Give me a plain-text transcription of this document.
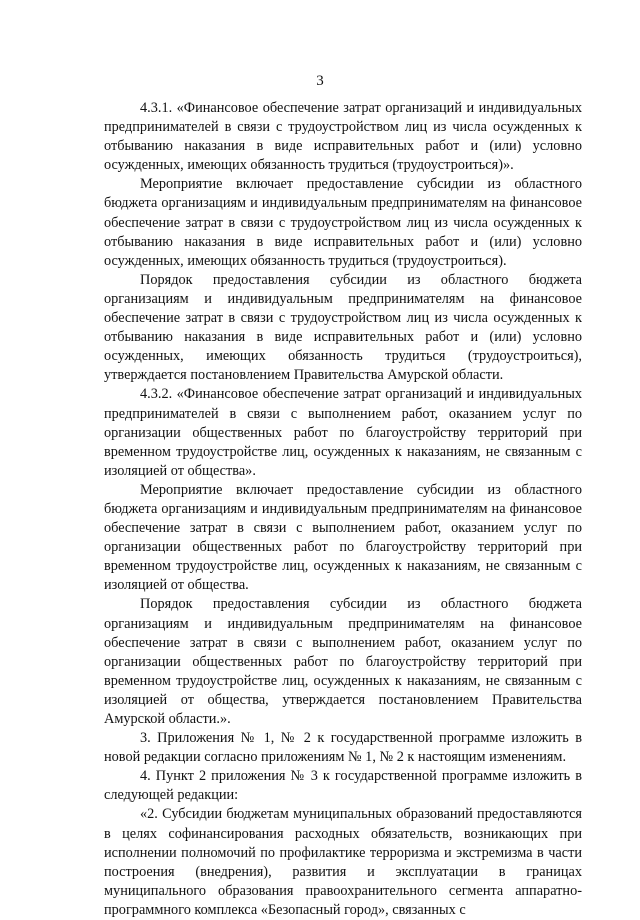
3

4.3.1. «Финансовое обеспечение затрат организаций и индивидуальных предпринимателей в связи с трудоустройством лиц из числа осужденных к отбыванию наказания в виде исправительных работ и (или) условно осужденных, имеющих обязанность трудиться (трудоустроиться)».

Мероприятие включает предоставление субсидии из областного бюджета организациям и индивидуальным предпринимателям на финансовое обеспечение затрат в связи с трудоустройством лиц из числа осужденных к отбыванию наказания в виде исправительных работ и (или) условно осужденных, имеющих обязанность трудиться (трудоустроиться).

Порядок предоставления субсидии из областного бюджета организациям и индивидуальным предпринимателям на финансовое обеспечение затрат в связи с трудоустройством лиц из числа осужденных к отбыванию наказания в виде исправительных работ и (или) условно осужденных, имеющих обязанность трудиться (трудоустроиться), утверждается постановлением Правительства Амурской области.

4.3.2. «Финансовое обеспечение затрат организаций и индивидуальных предпринимателей в связи с выполнением работ, оказанием услуг по организации общественных работ по благоустройству территорий при временном трудоустройстве лиц, осужденных к наказаниям, не связанным с изоляцией от общества».

Мероприятие включает предоставление субсидии из областного бюджета организациям и индивидуальным предпринимателям на финансовое обеспечение затрат в связи с выполнением работ, оказанием услуг по организации общественных работ по благоустройству территорий при временном трудоустройстве лиц, осужденных к наказаниям, не связанным с изоляцией от общества.

Порядок предоставления субсидии из областного бюджета организациям и индивидуальным предпринимателям на финансовое обеспечение затрат в связи с выполнением работ, оказанием услуг по организации общественных работ по благоустройству территорий при временном трудоустройстве лиц, осужденных к наказаниям, не связанным с изоляцией от общества, утверждается постановлением Правительства Амурской области.».

3. Приложения № 1, № 2 к государственной программе изложить в новой редакции согласно приложениям № 1, № 2 к настоящим изменениям.

4. Пункт 2 приложения № 3 к государственной программе изложить в следующей редакции:

«2. Субсидии бюджетам муниципальных образований предоставляются в целях софинансирования расходных обязательств, возникающих при исполнении полномочий по профилактике терроризма и экстремизма в части построения (внедрения), развития и эксплуатации в границах муниципального образования правоохранительного сегмента аппаратно-программного комплекса «Безопасный город», связанных с
